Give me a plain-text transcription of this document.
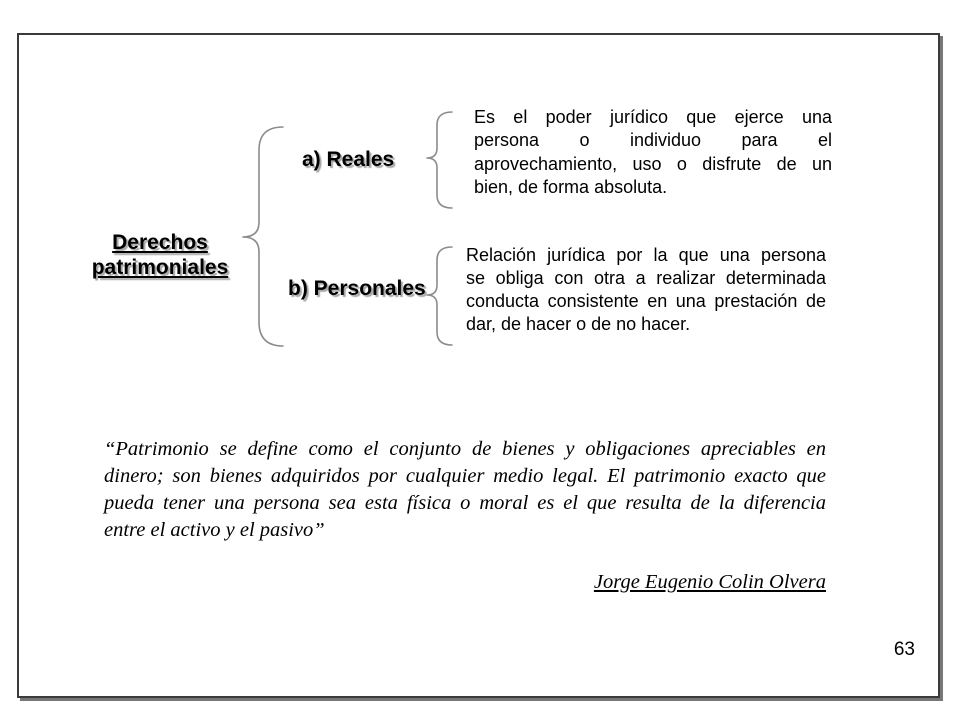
Derechos
patrimoniales
a) Reales
b) Personales
Es el poder jurídico que ejerce una
persona o individuo para el
aprovechamiento, uso o disfrute de un
bien, de forma absoluta.
Relación jurídica por la que una persona
se obliga con otra a realizar determinada
conducta consistente en una prestación de
dar, de hacer o de no hacer.
“Patrimonio se define como el conjunto de bienes y obligaciones apreciables en
dinero; son bienes adquiridos por cualquier medio legal. El patrimonio exacto que
pueda tener una persona sea esta física o moral es el que resulta de la diferencia
entre el activo y el pasivo”
Jorge Eugenio Colin Olvera
63
